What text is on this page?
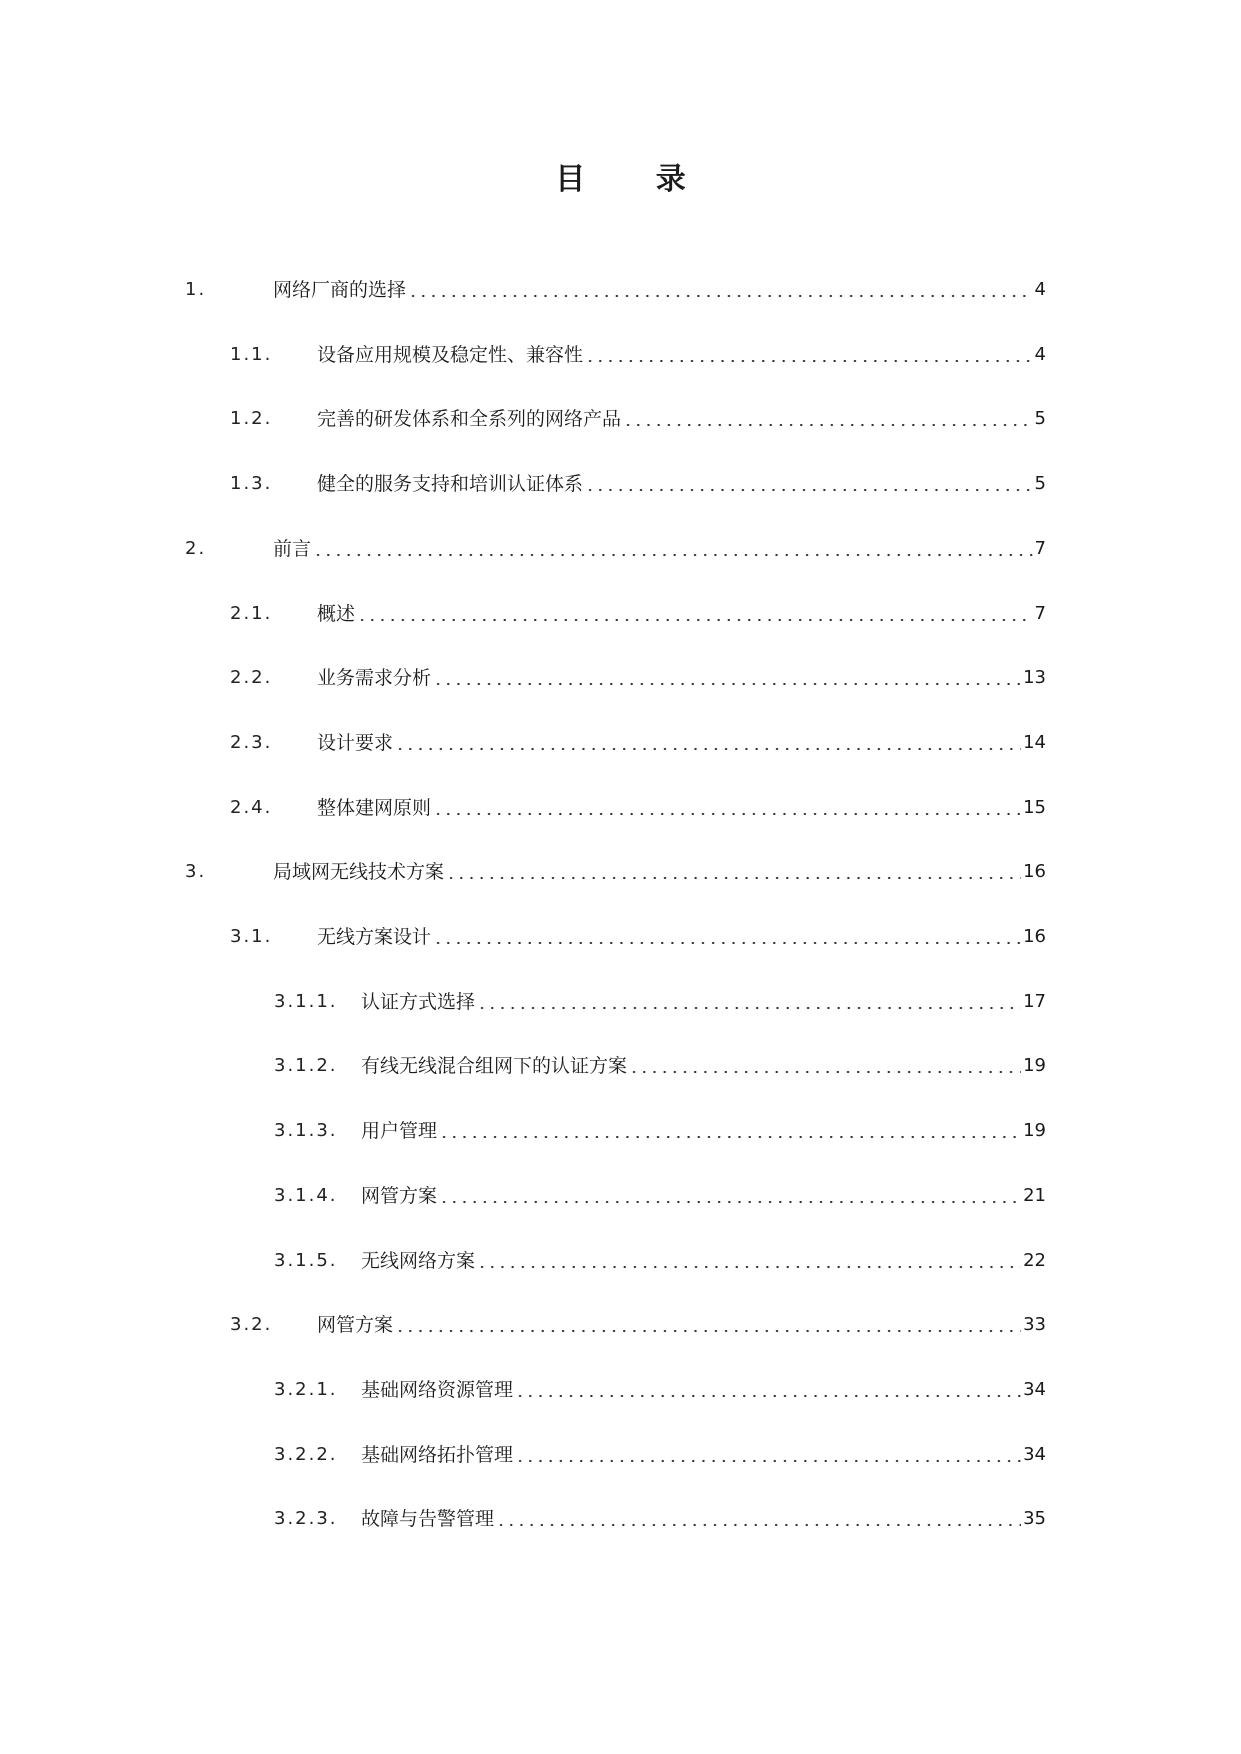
目 录
1.	网络厂商的选择	4
1.1. 设备应用规模及稳定性、兼容性	4
1.2. 完善的研发体系和全系列的网络产品	5
1.3. 健全的服务支持和培训认证体系	5
2.	前言	7
2.1. 概述	7
2.2. 业务需求分析	13
2.3. 设计要求	14
2.4. 整体建网原则	15
3.	局域网无线技术方案	16
3.1. 无线方案设计	16
3.1.1. 认证方式选择	17
3.1.2. 有线无线混合组网下的认证方案	19
3.1.3. 用户管理	19
3.1.4. 网管方案	21
3.1.5. 无线网络方案	22
3.2. 网管方案	33
3.2.1. 基础网络资源管理	34
3.2.2. 基础网络拓扑管理	34
3.2.3. 故障与告警管理	35
